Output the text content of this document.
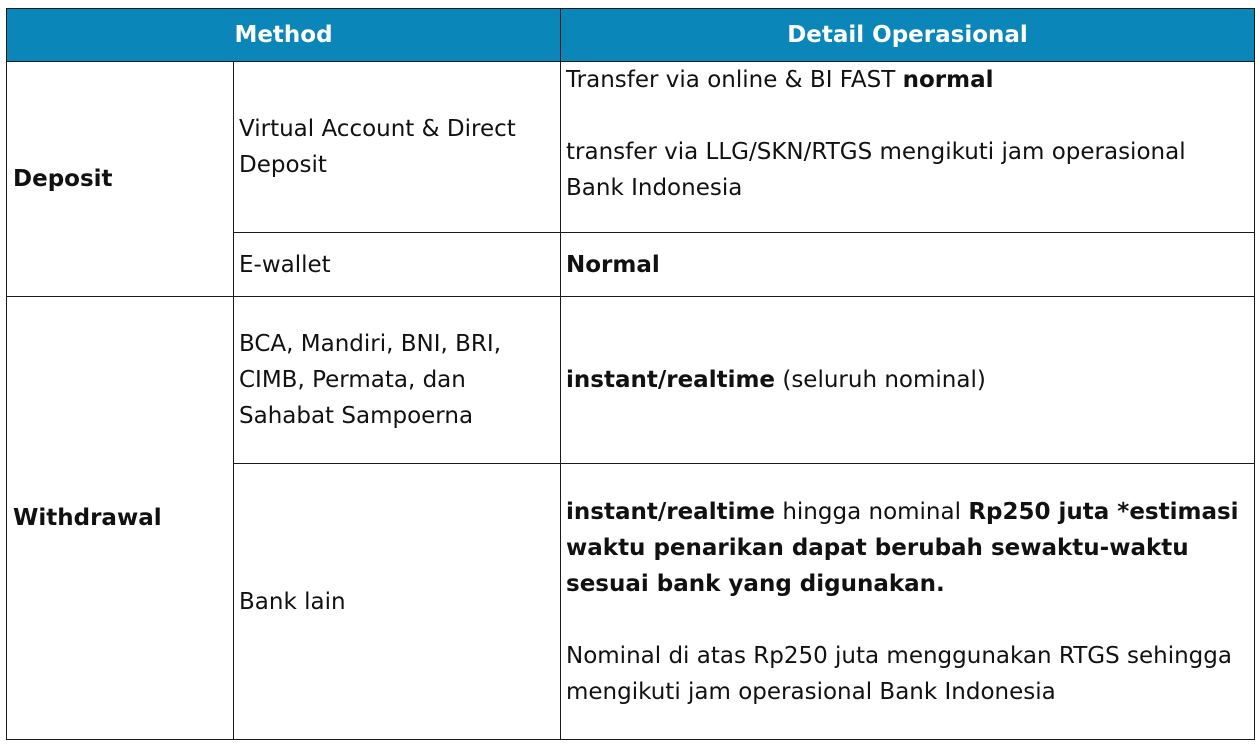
Method		Detail Operasional
Deposit	Virtual Account & Direct Deposit	Transfer via online & BI FAST normal

transfer via LLG/SKN/RTGS mengikuti jam operasional Bank Indonesia

	E-wallet	Normal
Withdrawal	BCA, Mandiri, BNI, BRI, CIMB, Permata, dan Sahabat Sampoerna	instant/realtime (seluruh nominal)
	Bank lain	instant/realtime hingga nominal Rp250 juta *estimasi waktu penarikan dapat berubah sewaktu-waktu sesuai bank yang digunakan.

Nominal di atas Rp250 juta menggunakan RTGS sehingga mengikuti jam operasional Bank Indonesia
